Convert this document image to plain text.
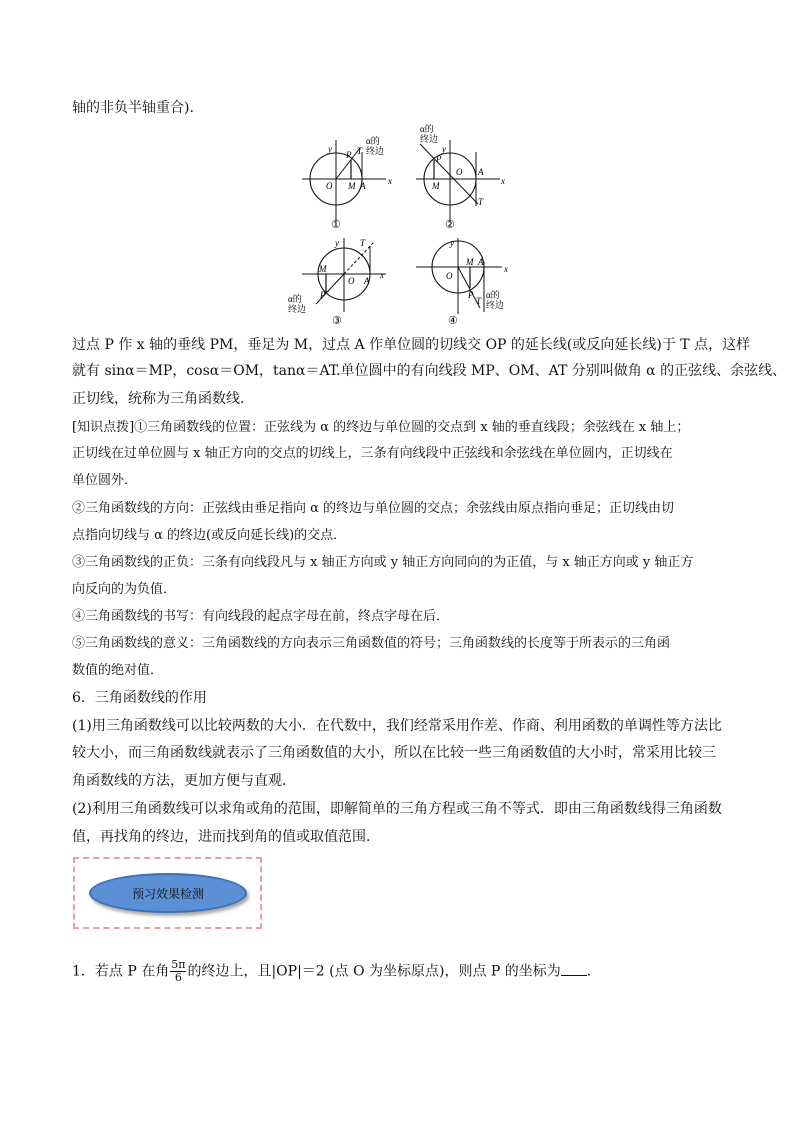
轴的非负半轴重合).
y
x
O
P T
M A
α的
终边
①
y
x
O
P
M
A
T
α的
终边
②
y
x
O
M
P
A
T
α的
终边
③
y
x
O
M A
P
T
α的
终边
④
过点 P 作 x 轴的垂线 PM，垂足为 M，过点 A 作单位圆的切线交 OP 的延长线(或反向延长线)于 T 点，这样
就有 sinα＝MP，cosα＝OM，tanα＝AT.单位圆中的有向线段 MP、OM、AT 分别叫做角 α 的正弦线、余弦线、
正切线，统称为三角函数线．
[知识点拨]①三角函数线的位置：正弦线为 α 的终边与单位圆的交点到 x 轴的垂直线段；余弦线在 x 轴上；
正切线在过单位圆与 x 轴正方向的交点的切线上，三条有向线段中正弦线和余弦线在单位圆内，正切线在
单位圆外．
②三角函数线的方向：正弦线由垂足指向 α 的终边与单位圆的交点；余弦线由原点指向垂足；正切线由切
点指向切线与 α 的终边(或反向延长线)的交点．
③三角函数线的正负：三条有向线段凡与 x 轴正方向或 y 轴正方向同向的为正值，与 x 轴正方向或 y 轴正方
向反向的为负值．
④三角函数线的书写：有向线段的起点字母在前，终点字母在后．
⑤三角函数线的意义：三角函数线的方向表示三角函数值的符号；三角函数线的长度等于所表示的三角函
数值的绝对值．
6．三角函数线的作用
(1)用三角函数线可以比较两数的大小．在代数中，我们经常采用作差、作商、利用函数的单调性等方法比
较大小，而三角函数线就表示了三角函数值的大小，所以在比较一些三角函数值的大小时，常采用比较三
角函数线的方法，更加方便与直观．
(2)利用三角函数线可以求角或角的范围，即解简单的三角方程或三角不等式．即由三角函数线得三角函数
值，再找角的终边，进而找到角的值或取值范围．
预习效果检测
1．若点 P 在角 $\frac{5\pi}{6}$ 的终边上，且|OP|＝2 (点 O 为坐标原点)，则点 P 的坐标为 ．
